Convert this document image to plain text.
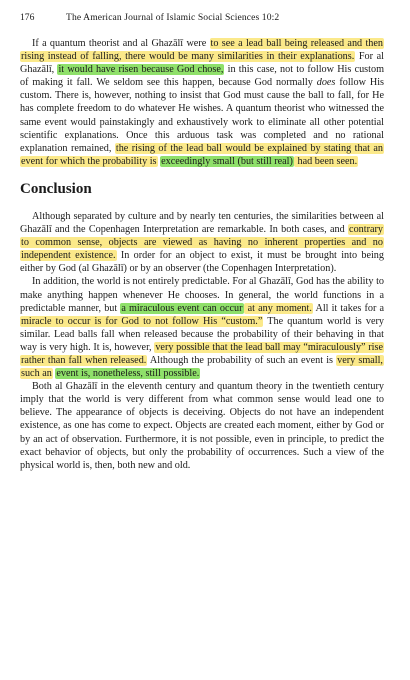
176	The American Journal of Islamic Social Sciences 10:2

If a quantum theorist and al Ghazālī were to see a lead ball being released and then rising instead of falling, there would be many similarities in their explanations. For al Ghazālī, it would have risen because God chose, in this case, not to follow His custom of making it fall. We seldom see this happen, because God normally does follow His custom. There is, however, nothing to insist that God must cause the ball to fall, for He has complete freedom to do whatever He wishes. A quantum theorist who witnessed the same event would painstakingly and exhaustively work to eliminate all other potential scientific explanations. Once this arduous task was completed and no rational explanation remained, the rising of the lead ball would be explained by stating that an event for which the probability is exceedingly small (but still real) had been seen.

Conclusion

Although separated by culture and by nearly ten centuries, the similarities between al Ghazālī and the Copenhagen Interpretation are remarkable. In both cases, and contrary to common sense, objects are viewed as having no inherent properties and no independent existence. In order for an object to exist, it must be brought into being either by God (al Ghazālī) or by an observer (the Copenhagen Interpretation).

In addition, the world is not entirely predictable. For al Ghazālī, God has the ability to make anything happen whenever He chooses. In general, the world functions in a predictable manner, but a miraculous event can occur at any moment. All it takes for a miracle to occur is for God to not follow His “custom.” The quantum world is very similar. Lead balls fall when released because the probability of their behaving in that way is very high. It is, however, very possible that the lead ball may “miraculously” rise rather than fall when released. Although the probability of such an event is very small, such an event is, nonetheless, still possible.

Both al Ghazālī in the eleventh century and quantum theory in the twentieth century imply that the world is very different from what common sense would lead one to believe. The appearance of objects is deceiving. Objects do not have an independent existence, as one has come to expect. Objects are created each moment, either by God or by an act of observation. Furthermore, it is not possible, even in principle, to predict the exact behavior of objects, but only the probability of occurrences. Such a view of the physical world is, then, both new and old.
